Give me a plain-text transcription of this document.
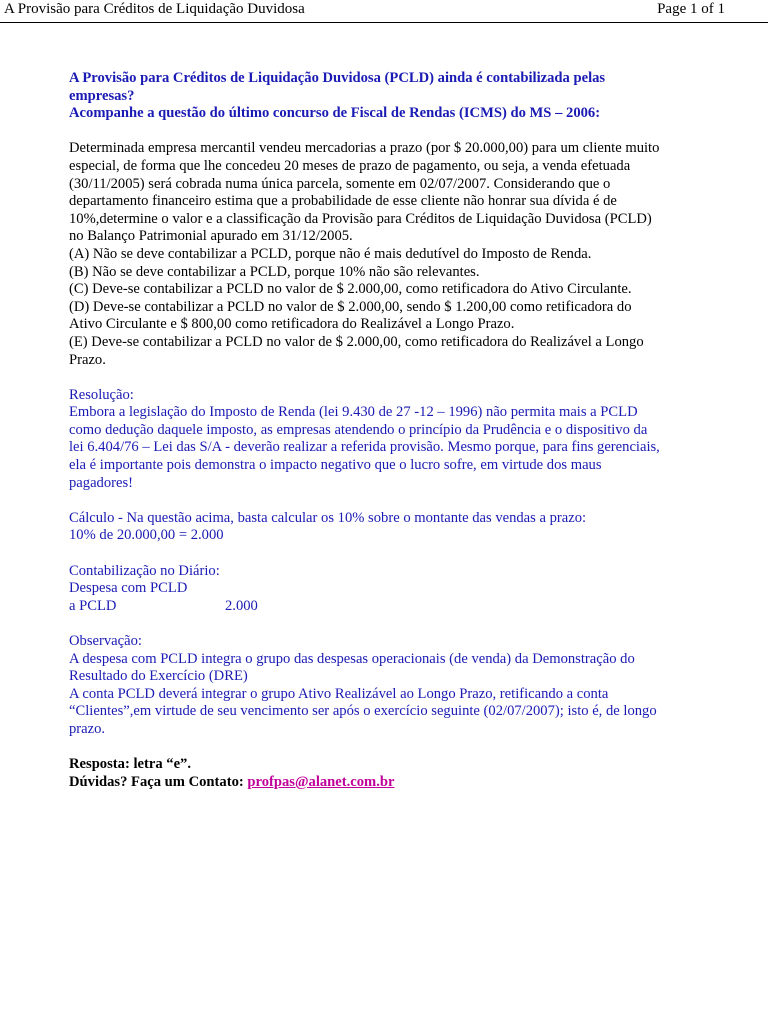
A Provisão para Créditos de Liquidação Duvidosa	Page 1 of 1

A Provisão para Créditos de Liquidação Duvidosa (PCLD) ainda é contabilizada pelas

empresas?

Acompanhe a questão do último concurso de Fiscal de Rendas (ICMS) do MS – 2006:

Determinada empresa mercantil vendeu mercadorias a prazo (por $ 20.000,00) para um cliente muito

especial, de forma que lhe concedeu 20 meses de prazo de pagamento, ou seja, a venda efetuada

(30/11/2005) será cobrada numa única parcela, somente em 02/07/2007. Considerando que o

departamento financeiro estima que a probabilidade de esse cliente não honrar sua dívida é de

10%,determine o valor e a classificação da Provisão para Créditos de Liquidação Duvidosa (PCLD)

no Balanço Patrimonial apurado em 31/12/2005.

(A) Não se deve contabilizar a PCLD, porque não é mais dedutível do Imposto de Renda.

(B) Não se deve contabilizar a PCLD, porque 10% não são relevantes.

(C) Deve-se contabilizar a PCLD no valor de $ 2.000,00, como retificadora do Ativo Circulante.

(D) Deve-se contabilizar a PCLD no valor de $ 2.000,00, sendo $ 1.200,00 como retificadora do

Ativo Circulante e $ 800,00 como retificadora do Realizável a Longo Prazo.

(E) Deve-se contabilizar a PCLD no valor de $ 2.000,00, como retificadora do Realizável a Longo

Prazo.

Resolução:

Embora a legislação do Imposto de Renda (lei 9.430 de 27 -12 – 1996) não permita mais a PCLD

como dedução daquele imposto, as empresas atendendo o princípio da Prudência e o dispositivo da

lei 6.404/76 – Lei das S/A - deverão realizar a referida provisão. Mesmo porque, para fins gerenciais,

ela é importante pois demonstra o impacto negativo que o lucro sofre, em virtude dos maus

pagadores!

Cálculo - Na questão acima, basta calcular os 10% sobre o montante das vendas a prazo:

10% de 20.000,00 = 2.000

Contabilização no Diário:

Despesa com PCLD

a PCLD	2.000

Observação:

A despesa com PCLD integra o grupo das despesas operacionais (de venda) da Demonstração do

Resultado do Exercício (DRE)

A conta PCLD deverá integrar o grupo Ativo Realizável ao Longo Prazo, retificando a conta

“Clientes”,em virtude de seu vencimento ser após o exercício seguinte (02/07/2007); isto é, de longo

prazo.

Resposta: letra “e”.

Dúvidas? Faça um Contato: profpas@alanet.com.br
